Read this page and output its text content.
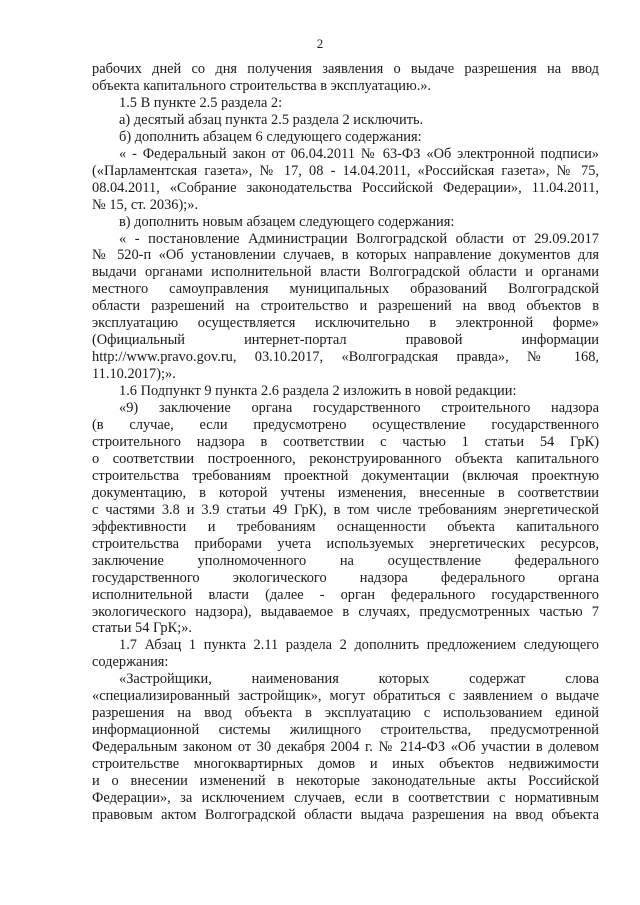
2

рабочих дней со дня получения заявления о выдаче разрешения на ввод

объекта капитального строительства в эксплуатацию.».

1.5 В пункте 2.5 раздела 2:

а) десятый абзац пункта 2.5 раздела 2 исключить.

б) дополнить абзацем 6 следующего содержания:

« - Федеральный закон от 06.04.2011 № 63-ФЗ «Об электронной подписи»

(«Парламентская газета», № 17, 08 - 14.04.2011, «Российская газета», № 75,

08.04.2011, «Собрание законодательства Российской Федерации», 11.04.2011,

№ 15, ст. 2036);».

в) дополнить новым абзацем следующего содержания:

« - постановление Администрации Волгоградской области от 29.09.2017

№ 520-п «Об установлении случаев, в которых направление документов для

выдачи органами исполнительной власти Волгоградской области и органами

местного самоуправления муниципальных образований Волгоградской

области разрешений на строительство и разрешений на ввод объектов в

эксплуатацию осуществляется исключительно в электронной форме»

(Официальный интернет-портал правовой информации

http://www.pravo.gov.ru, 03.10.2017, «Волгоградская правда», № 168,

11.10.2017);».

1.6 Подпункт 9 пункта 2.6 раздела 2 изложить в новой редакции:

«9) заключение органа государственного строительного надзора

(в случае, если предусмотрено осуществление государственного

строительного надзора в соответствии с частью 1 статьи 54 ГрК)

о соответствии построенного, реконструированного объекта капитального

строительства требованиям проектной документации (включая проектную

документацию, в которой учтены изменения, внесенные в соответствии

с частями 3.8 и 3.9 статьи 49 ГрК), в том числе требованиям энергетической

эффективности и требованиям оснащенности объекта капитального

строительства приборами учета используемых энергетических ресурсов,

заключение уполномоченного на осуществление федерального

государственного экологического надзора федерального органа

исполнительной власти (далее - орган федерального государственного

экологического надзора), выдаваемое в случаях, предусмотренных частью 7

статьи 54 ГрК;».

1.7 Абзац 1 пункта 2.11 раздела 2 дополнить предложением следующего

содержания:

«Застройщики, наименования которых содержат слова

«специализированный застройщик», могут обратиться с заявлением о выдаче

разрешения на ввод объекта в эксплуатацию с использованием единой

информационной системы жилищного строительства, предусмотренной

Федеральным законом от 30 декабря 2004 г. № 214-ФЗ «Об участии в долевом

строительстве многоквартирных домов и иных объектов недвижимости

и о внесении изменений в некоторые законодательные акты Российской

Федерации», за исключением случаев, если в соответствии с нормативным

правовым актом Волгоградской области выдача разрешения на ввод объекта
